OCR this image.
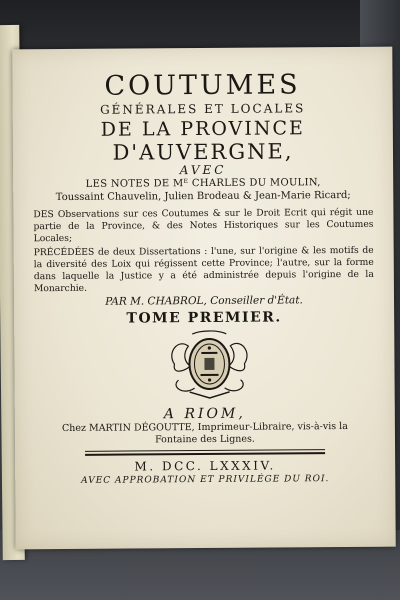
COUTUMES
GÉNÉRALES ET LOCALES
DE LA PROVINCE
D'AUVERGNE,
AVEC
LES NOTES DE Mᴱ CHARLES DU MOULIN,
Toussaint Chauvelin, Julien Brodeau & Jean-Marie Ricard;
DES Observations sur ces Coutumes & sur le Droit Ecrit qui régit une partie de la Province, & des Notes Historiques sur les Coutumes Locales;
PRÉCÉDÉES de deux Dissertations : l'une, sur l'origine & les motifs de la diversité des Loix qui régissent cette Province; l'autre, sur la forme dans laquelle la Justice y a été administrée depuis l'origine de la Monarchie.
PAR M. CHABROL, Conseiller d'État.
TOME PREMIER.
A RIOM,
Chez MARTIN DÉGOUTTE, Imprimeur-Libraire, vis-à-vis la
Fontaine des Lignes.
M. DCC. LXXXIV.
AVEC APPROBATION ET PRIVILÉGE DU ROI.
